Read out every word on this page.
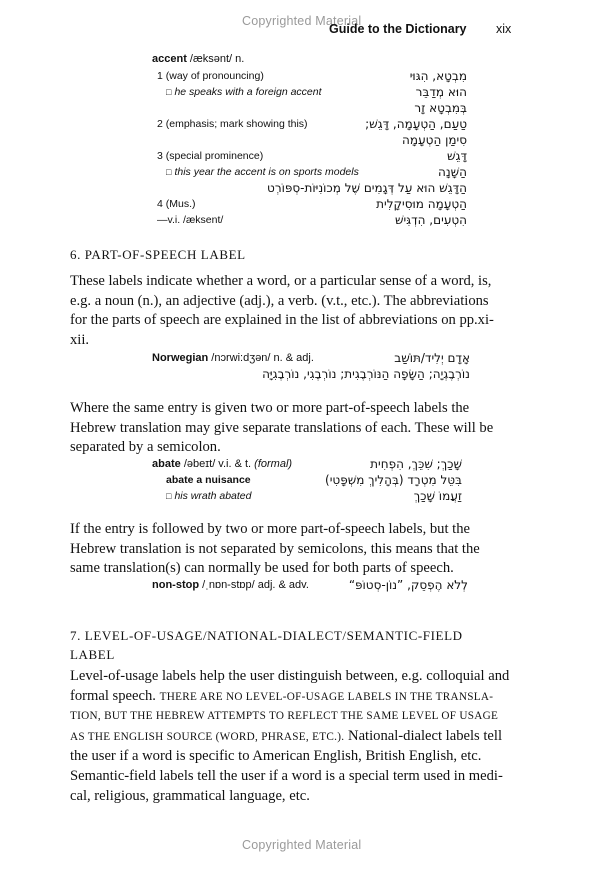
Copyrighted Material
Guide to the Dictionary xix
accent /æksənt/ n.
1 (way of pronouncing)	מִבְטָא, הִגּוּי
□ he speaks with a foreign accent	הוּא מְדַבֵּר
בְּמִבְטָא זָר
2 (emphasis; mark showing this)	טַעַם, הַטְעָמָה, דָּגֵשׁ;
סִימַן הַטְעָמָה
3 (special prominence)	דָּגֵשׁ
□ this year the accent is on sports models	הַשָּׁנָה
הַדָּגֵשׁ הוּא עַל דְּגָמִים שֶׁל מְכוֹנִיּוֹת-סְפּוֹרְט
4 (Mus.)	הַטְעָמָה מוּסִיקָלִית
—v.i. /æksent/	הִטְעִים, הִדְגִּישׁ
6. PART-OF-SPEECH LABEL
These labels indicate whether a word, or a particular sense of a word, is,
e.g. a noun (n.), an adjective (adj.), a verb. (v.t., etc.). The abbreviations
for the parts of speech are explained in the list of abbreviations on pp.xi-
xii.
Norwegian /nɔrwi:dʒən/ n. & adj.	אָדָם יְלִיד/תּוֹשַׁב
נוֹרְבֶגְיָה; הַשָּׂפָה הַנּוֹרְבֶגִית; נוֹרְבֶגִי, נוֹרְבֶגִיָּה
Where the same entry is given two or more part-of-speech labels the
Hebrew translation may give separate translations of each. These will be
separated by a semicolon.
abate /əbeɪt/ v.i. & t. (formal)	שָׁכַךְ; שִׁכֵּךְ, הִפְחִית
abate a nuisance	בִּטֵּל מִטְרָד (בְּהָלִיךְ מִשְׁפָּטִי)
□ his wrath abated	זַעֲמוֹ שָׁכַךְ
If the entry is followed by two or more part-of-speech labels, but the
Hebrew translation is not separated by semicolons, this means that the
same translation(s) can normally be used for both parts of speech.
non-stop /ˌnɒn-stɒp/ adj. & adv.	לְלֹא הֶפְסֵק, ”נוֹן-סְטוֹפּ“
7. LEVEL-OF-USAGE/NATIONAL-DIALECT/SEMANTIC-FIELD
LABEL
Level-of-usage labels help the user distinguish between, e.g. colloquial and
formal speech. THERE ARE NO LEVEL-OF-USAGE LABELS IN THE TRANSLA-
TION, BUT THE HEBREW ATTEMPTS TO REFLECT THE SAME LEVEL OF USAGE
AS THE ENGLISH SOURCE (WORD, PHRASE, ETC.). National-dialect labels tell
the user if a word is specific to American English, British English, etc.
Semantic-field labels tell the user if a word is a special term used in medi-
cal, religious, grammatical language, etc.
Copyrighted Material
